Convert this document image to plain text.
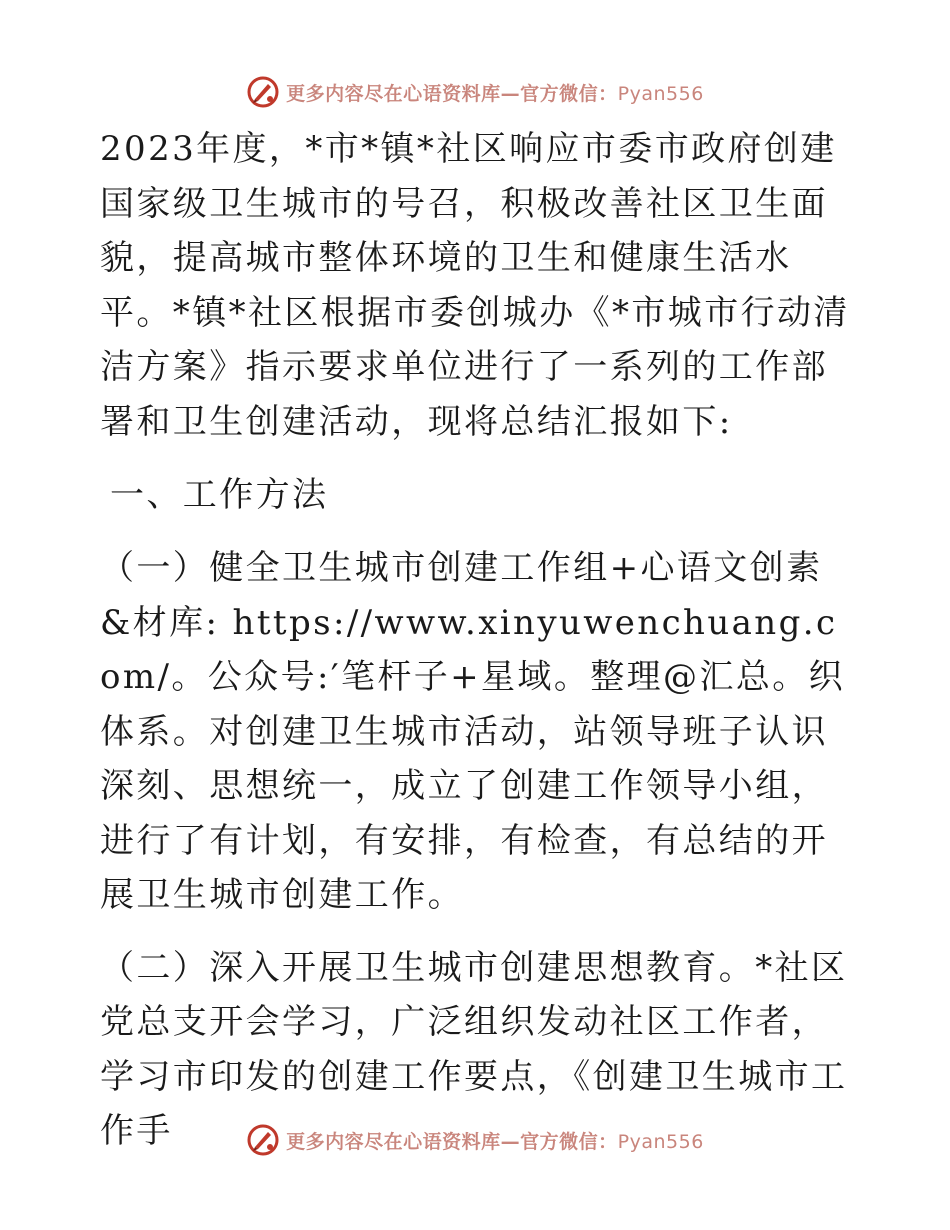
更多内容尽在心语资料库—官方微信：Pyan556

2023年度，*市*镇*社区响应市委市政府创建国家级卫生城市的号召，积极改善社区卫生面貌，提高城市整体环境的卫生和健康生活水平。*镇*社区根据市委创城办《*市城市行动清洁方案》指示要求单位进行了一系列的工作部署和卫生创建活动，现将总结汇报如下:

一、工作方法

（一）健全卫生城市创建工作组+心语文创素&材库: https://www.xinyuwenchuang.com/。公众号:′笔杆子+星域。整理@汇总。织体系。对创建卫生城市活动，站领导班子认识深刻、思想统一，成立了创建工作领导小组，进行了有计划，有安排，有检查，有总结的开展卫生城市创建工作。

（二）深入开展卫生城市创建思想教育。*社区党总支开会学习，广泛组织发动社区工作者，学习市印发的创建工作要点，《创建卫生城市工作手	更多内容尽在心语资料库—官方微信：Pyan556
